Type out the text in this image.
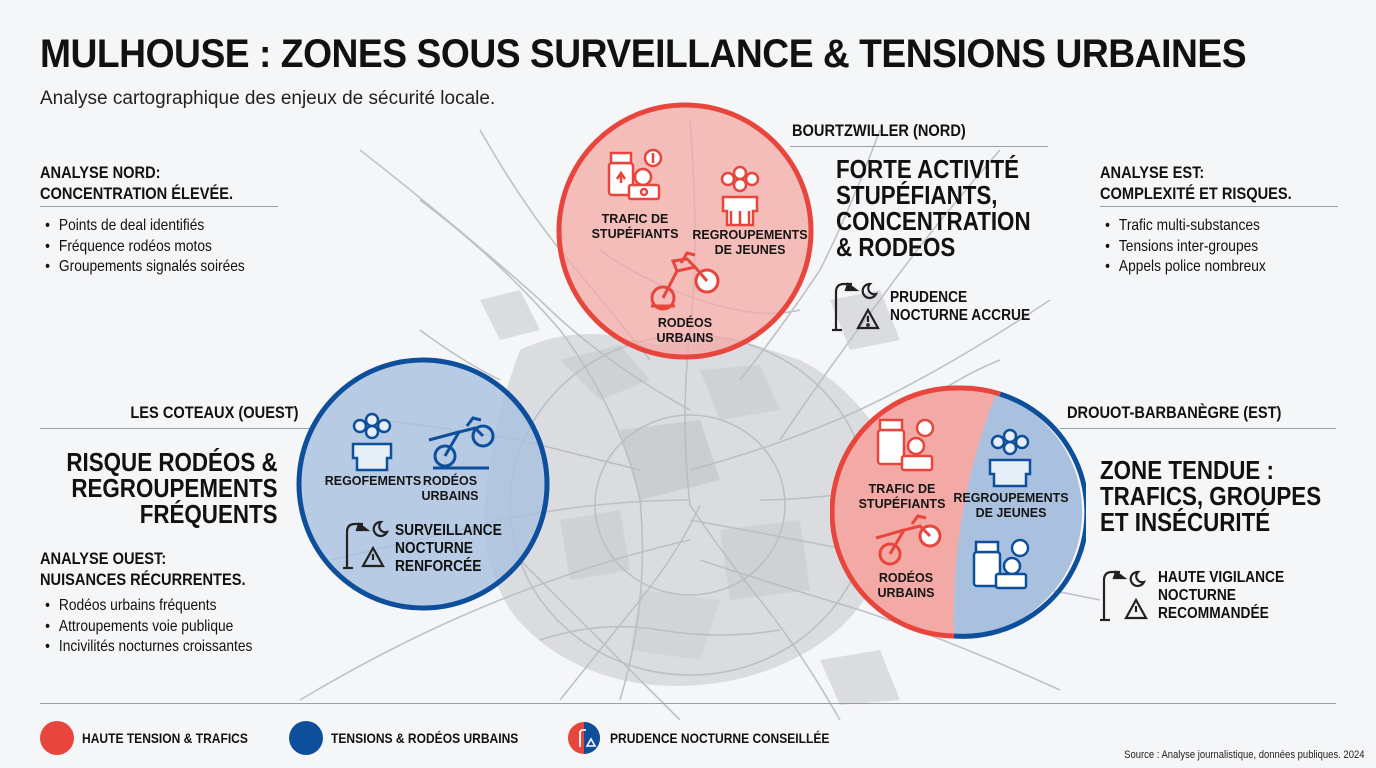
MULHOUSE : ZONES SOUS SURVEILLANCE & TENSIONS URBAINES
Analyse cartographique des enjeux de sécurité locale.
ANALYSE NORD:
CONCENTRATION ÉLEVÉE.
• Points de deal identifiés
• Fréquence rodéos motos
• Groupements signalés soirées
ANALYSE EST:
COMPLEXITÉ ET RISQUES.
• Trafic multi-substances
• Tensions inter-groupes
• Appels police nombreux
BOURTZWILLER (NORD)
FORTE ACTIVITÉ
STUPÉFIANTS,
CONCENTRATION
& RODEOS
PRUDENCE
NOCTURNE ACCRUE
TRAFIC DE
STUPÉFIANTS	REGROUPEMENTS
DE JEUNES
RODÉOS
URBAINS
LES COTEAUX (OUEST)
RISQUE RODÉOS &
REGROUPEMENTS
FRÉQUENTS
ANALYSE OUEST:
NUISANCES RÉCURRENTES.
• Rodéos urbains fréquents
• Attroupements voie publique
• Incivilités nocturnes croissantes
REGOFEMENTS RODÉOS
URBAINS
SURVEILLANCE
NOCTURNE
RENFORCÉE
DROUOT-BARBANÈGRE (EST)
ZONE TENDUE :
TRAFICS, GROUPES
ET INSÉCURITÉ
HAUTE VIGILANCE
NOCTURNE
RECOMMANDÉE
TRAFIC DE
STUPÉFIANTS REGROUPEMENTS
DE JEUNES
RODÉOS
URBAINS
HAUTE TENSION & TRAFICS	TENSIONS & RODÉOS URBAINS	PRUDENCE NOCTURNE CONSEILLÉE
Source : Analyse journalistique, données publiques. 2024
